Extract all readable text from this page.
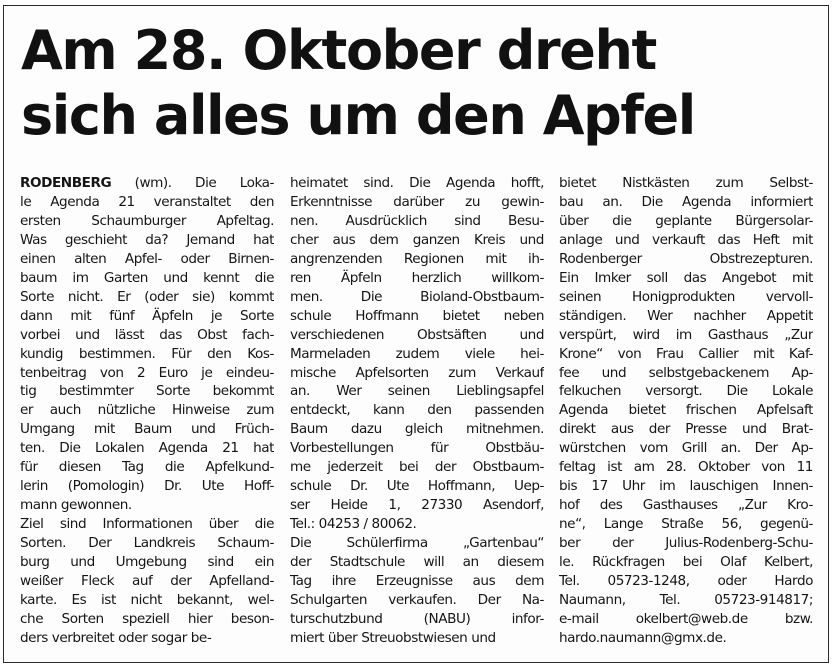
Am 28. Oktober dreht
sich alles um den Apfel
RODENBERG (wm). Die Loka-
le Agenda 21 veranstaltet den
ersten Schaumburger Apfeltag.
Was geschieht da? Jemand hat
einen alten Apfel- oder Birnen-
baum im Garten und kennt die
Sorte nicht. Er (oder sie) kommt
dann mit fünf Äpfeln je Sorte
vorbei und lässt das Obst fach-
kundig bestimmen. Für den Kos-
tenbeitrag von 2 Euro je eindeu-
tig bestimmter Sorte bekommt
er auch nützliche Hinweise zum
Umgang mit Baum und Früch-
ten. Die Lokalen Agenda 21 hat
für diesen Tag die Apfelkund-
lerin (Pomologin) Dr. Ute Hoff-
mann gewonnen.
Ziel sind Informationen über die
Sorten. Der Landkreis Schaum-
burg und Umgebung sind ein
weißer Fleck auf der Apfelland-
karte. Es ist nicht bekannt, wel-
che Sorten speziell hier beson-
ders verbreitet oder sogar be-
heimatet sind. Die Agenda hofft,
Erkenntnisse darüber zu gewin-
nen. Ausdrücklich sind Besu-
cher aus dem ganzen Kreis und
angrenzenden Regionen mit ih-
ren Äpfeln herzlich willkom-
men. Die Bioland-Obstbaum-
schule Hoffmann bietet neben
verschiedenen Obstsäften und
Marmeladen zudem viele hei-
mische Apfelsorten zum Verkauf
an. Wer seinen Lieblingsapfel
entdeckt, kann den passenden
Baum dazu gleich mitnehmen.
Vorbestellungen für Obstbäu-
me jederzeit bei der Obstbaum-
schule Dr. Ute Hoffmann, Uep-
ser Heide 1, 27330 Asendorf,
Tel.: 04253 / 80062.
Die Schülerfirma „Gartenbau“
der Stadtschule will an diesem
Tag ihre Erzeugnisse aus dem
Schulgarten verkaufen. Der Na-
turschutzbund (NABU) infor-
miert über Streuobstwiesen und
bietet Nistkästen zum Selbst-
bau an. Die Agenda informiert
über die geplante Bürgersolar-
anlage und verkauft das Heft mit
Rodenberger Obstrezepturen.
Ein Imker soll das Angebot mit
seinen Honigprodukten vervoll-
ständigen. Wer nachher Appetit
verspürt, wird im Gasthaus „Zur
Krone“ von Frau Callier mit Kaf-
fee und selbstgebackenem Ap-
felkuchen versorgt. Die Lokale
Agenda bietet frischen Apfelsaft
direkt aus der Presse und Brat-
würstchen vom Grill an. Der Ap-
feltag ist am 28. Oktober von 11
bis 17 Uhr im lauschigen Innen-
hof des Gasthauses „Zur Kro-
ne“, Lange Straße 56, gegenü-
ber der Julius-Rodenberg-Schu-
le. Rückfragen bei Olaf Kelbert,
Tel. 05723-1248, oder Hardo
Naumann, Tel. 05723-914817;
e-mail okelbert@web.de bzw.
hardo.naumann@gmx.de.
